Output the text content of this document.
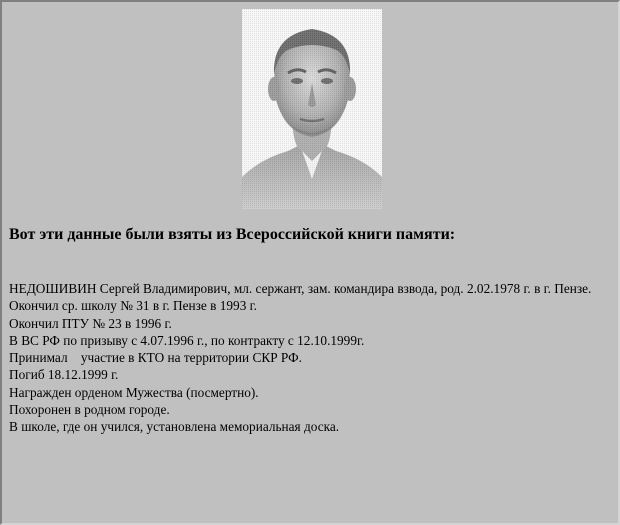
Вот эти данные были взяты из Всероссийской книги памяти:
НЕДОШИВИН Сергей Владимирович, мл. сержант, зам. командира взвода, род. 2.02.1978 г. в г. Пензе.
Окончил ср. школу № 31 в г. Пензе в 1993 г.
Окончил ПТУ № 23 в 1996 г.
В ВС РФ по призыву с 4.07.1996 г., по контракту с 12.10.1999г.
Принимал    участие в КТО на территории СКР РФ.
Погиб 18.12.1999 г.
Награжден орденом Мужества (посмертно).
Похоронен в родном городе.
В школе, где он учился, установлена мемориальная доска.
